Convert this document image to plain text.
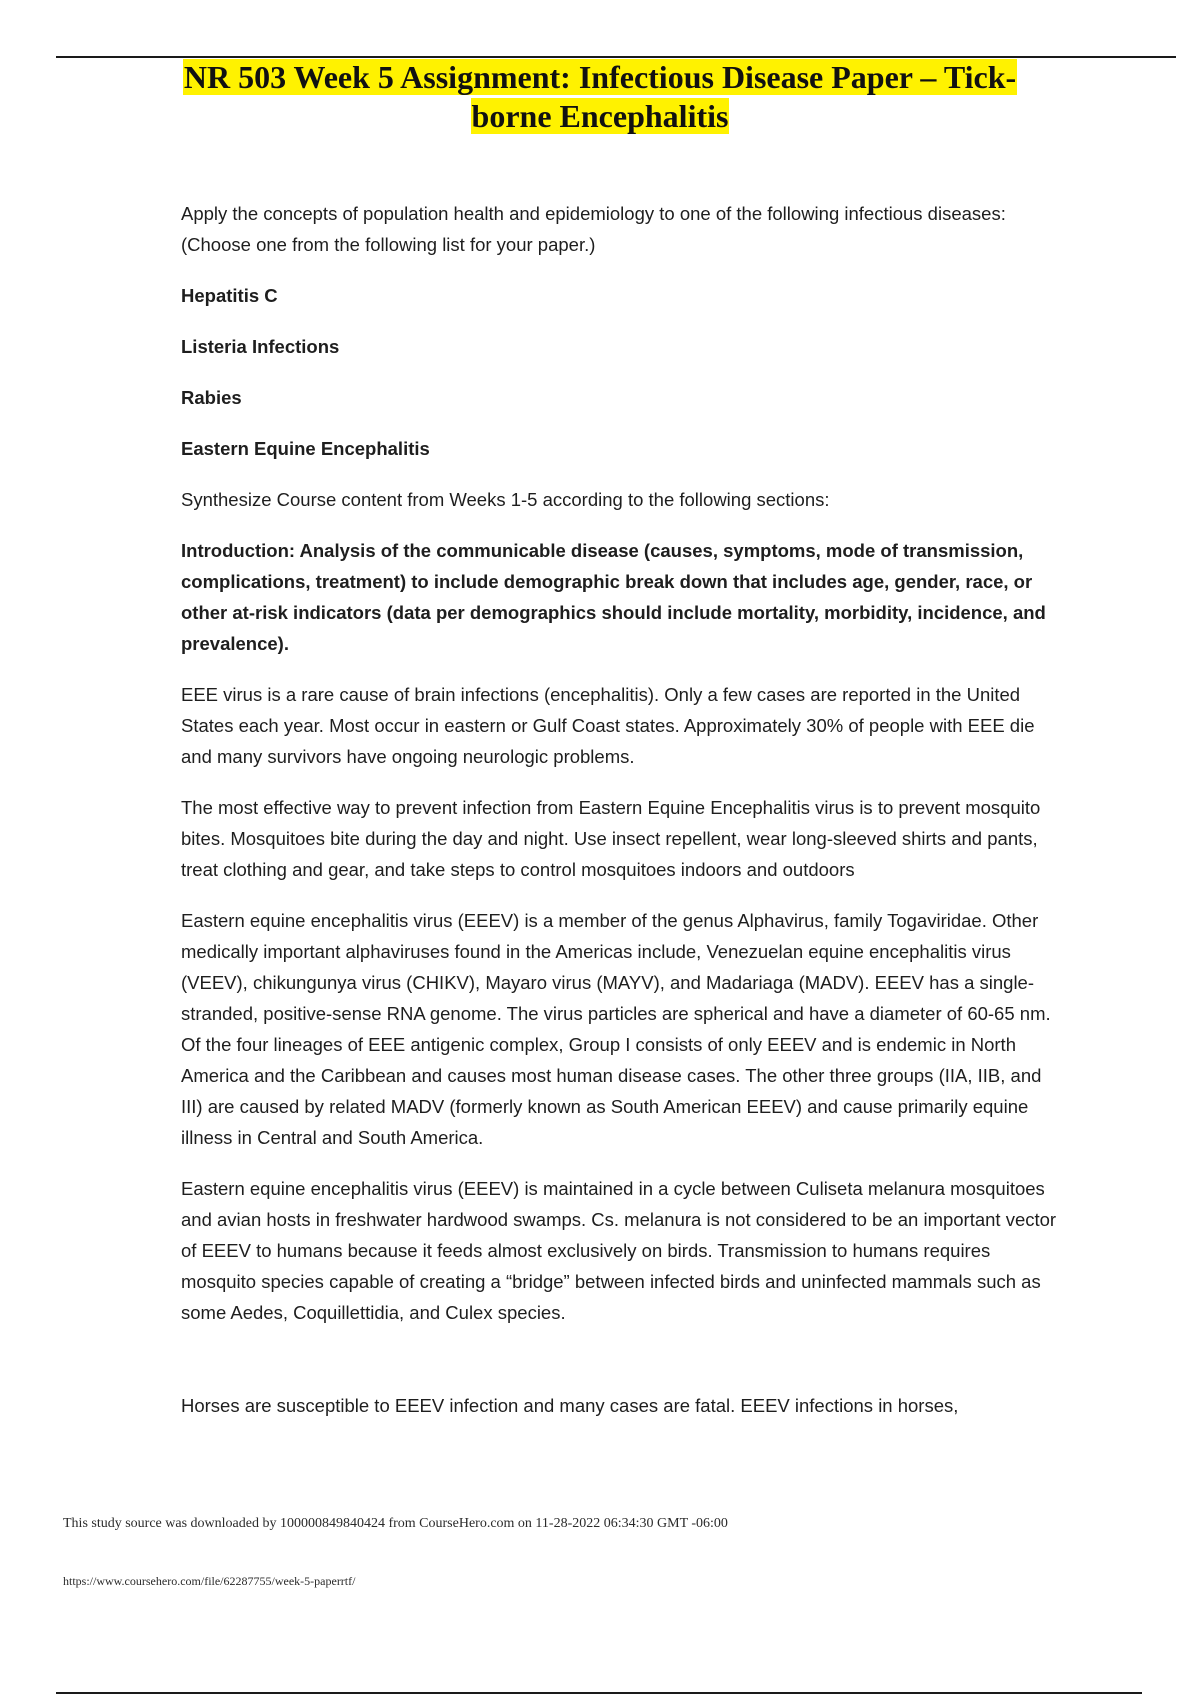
NR 503 Week 5 Assignment: Infectious Disease Paper – Tick-
borne Encephalitis

Apply the concepts of population health and epidemiology to one of the following infectious diseases: (Choose one from the following list for your paper.)

Hepatitis C
Listeria Infections
Rabies
Eastern Equine Encephalitis

Synthesize Course content from Weeks 1-5 according to the following sections:

Introduction: Analysis of the communicable disease (causes, symptoms, mode of transmission, complications, treatment) to include demographic break down that includes age, gender, race, or other at-risk indicators (data per demographics should include mortality, morbidity, incidence, and prevalence).

EEE virus is a rare cause of brain infections (encephalitis). Only a few cases are reported in the United States each year. Most occur in eastern or Gulf Coast states. Approximately 30% of people with EEE die and many survivors have ongoing neurologic problems.

The most effective way to prevent infection from Eastern Equine Encephalitis virus is to prevent mosquito bites. Mosquitoes bite during the day and night. Use insect repellent, wear long-sleeved shirts and pants, treat clothing and gear, and take steps to control mosquitoes indoors and outdoors

Eastern equine encephalitis virus (EEEV) is a member of the genus Alphavirus, family Togaviridae. Other medically important alphaviruses found in the Americas include, Venezuelan equine encephalitis virus (VEEV), chikungunya virus (CHIKV), Mayaro virus (MAYV), and Madariaga (MADV). EEEV has a single-stranded, positive-sense RNA genome. The virus particles are spherical and have a diameter of 60-65 nm. Of the four lineages of EEE antigenic complex, Group I consists of only EEEV and is endemic in North America and the Caribbean and causes most human disease cases. The other three groups (IIA, IIB, and III) are caused by related MADV (formerly known as South American EEEV) and cause primarily equine illness in Central and South America.

Eastern equine encephalitis virus (EEEV) is maintained in a cycle between Culiseta melanura mosquitoes and avian hosts in freshwater hardwood swamps. Cs. melanura is not considered to be an important vector of EEEV to humans because it feeds almost exclusively on birds. Transmission to humans requires mosquito species capable of creating a “bridge” between infected birds and uninfected mammals such as some Aedes, Coquillettidia, and Culex species.

Horses are susceptible to EEEV infection and many cases are fatal. EEEV infections in horses,

This study source was downloaded by 100000849840424 from CourseHero.com on 11-28-2022 06:34:30 GMT -06:00
https://www.coursehero.com/file/62287755/week-5-paperrtf/
